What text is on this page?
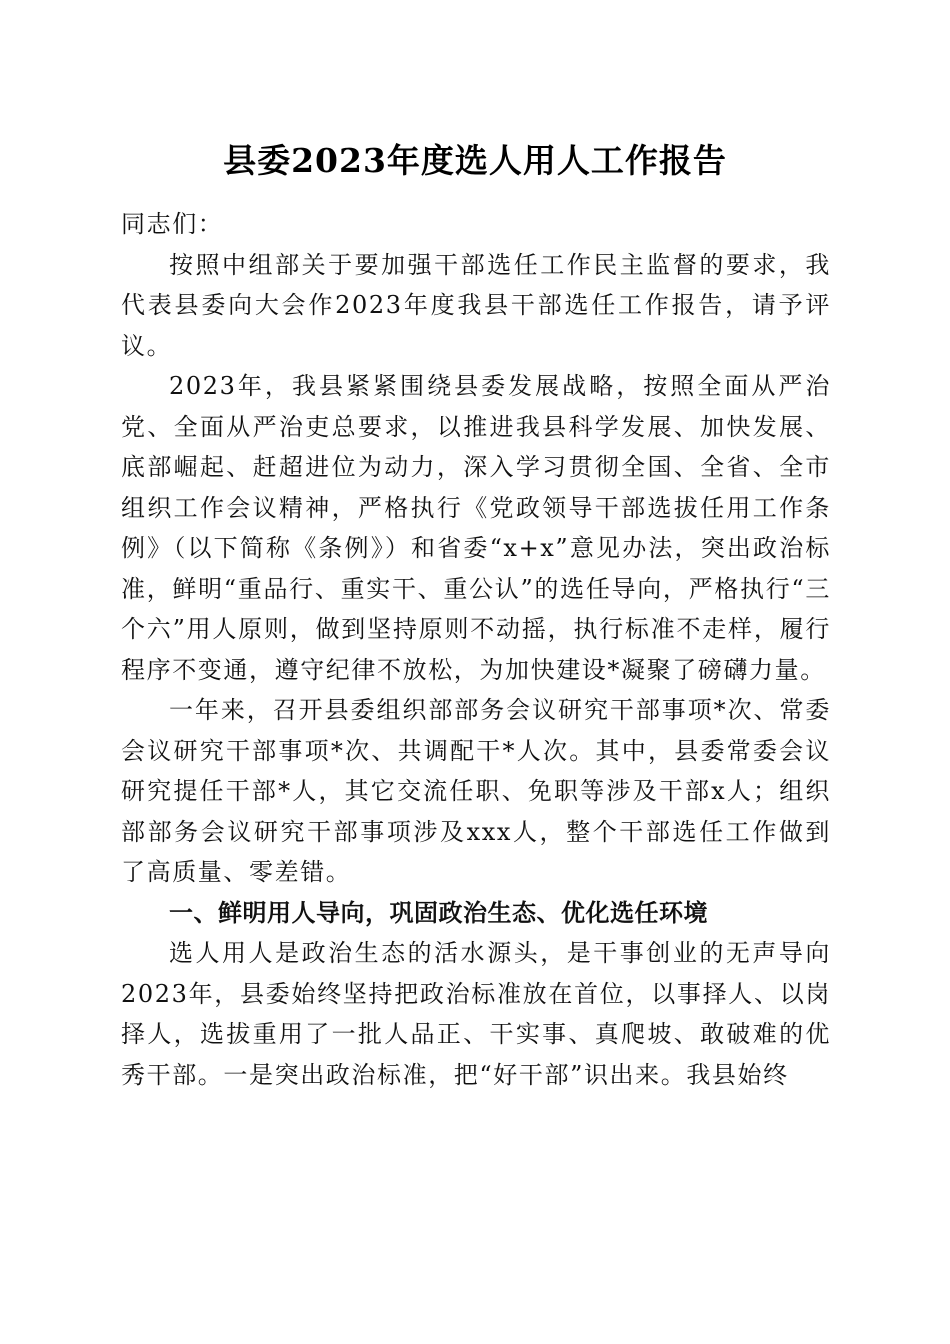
县委2023年度选人用人工作报告

同志们：

按照中组部关于要加强干部选任工作民主监督的要求，我代表县委向大会作2023年度我县干部选任工作报告，请予评议。

2023年，我县紧紧围绕县委发展战略，按照全面从严治党、全面从严治吏总要求，以推进我县科学发展、加快发展、底部崛起、赶超进位为动力，深入学习贯彻全国、全省、全市组织工作会议精神，严格执行《党政领导干部选拔任用工作条例》（以下简称《条例》）和省委“x+x”意见办法，突出政治标准，鲜明“重品行、重实干、重公认”的选任导向，严格执行“三个六”用人原则，做到坚持原则不动摇，执行标准不走样，履行程序不变通，遵守纪律不放松，为加快建设*凝聚了磅礴力量。

一年来，召开县委组织部部务会议研究干部事项*次、常委会议研究干部事项*次、共调配干*人次。其中，县委常委会议研究提任干部*人，其它交流任职、免职等涉及干部x人；组织部部务会议研究干部事项涉及xxx人，整个干部选任工作做到了高质量、零差错。

一、鲜明用人导向，巩固政治生态、优化选任环境

选人用人是政治生态的活水源头，是干事创业的无声导向2023年，县委始终坚持把政治标准放在首位，以事择人、以岗择人，选拔重用了一批人品正、干实事、真爬坡、敢破难的优秀干部。一是突出政治标准，把“好干部”识出来。我县始终
